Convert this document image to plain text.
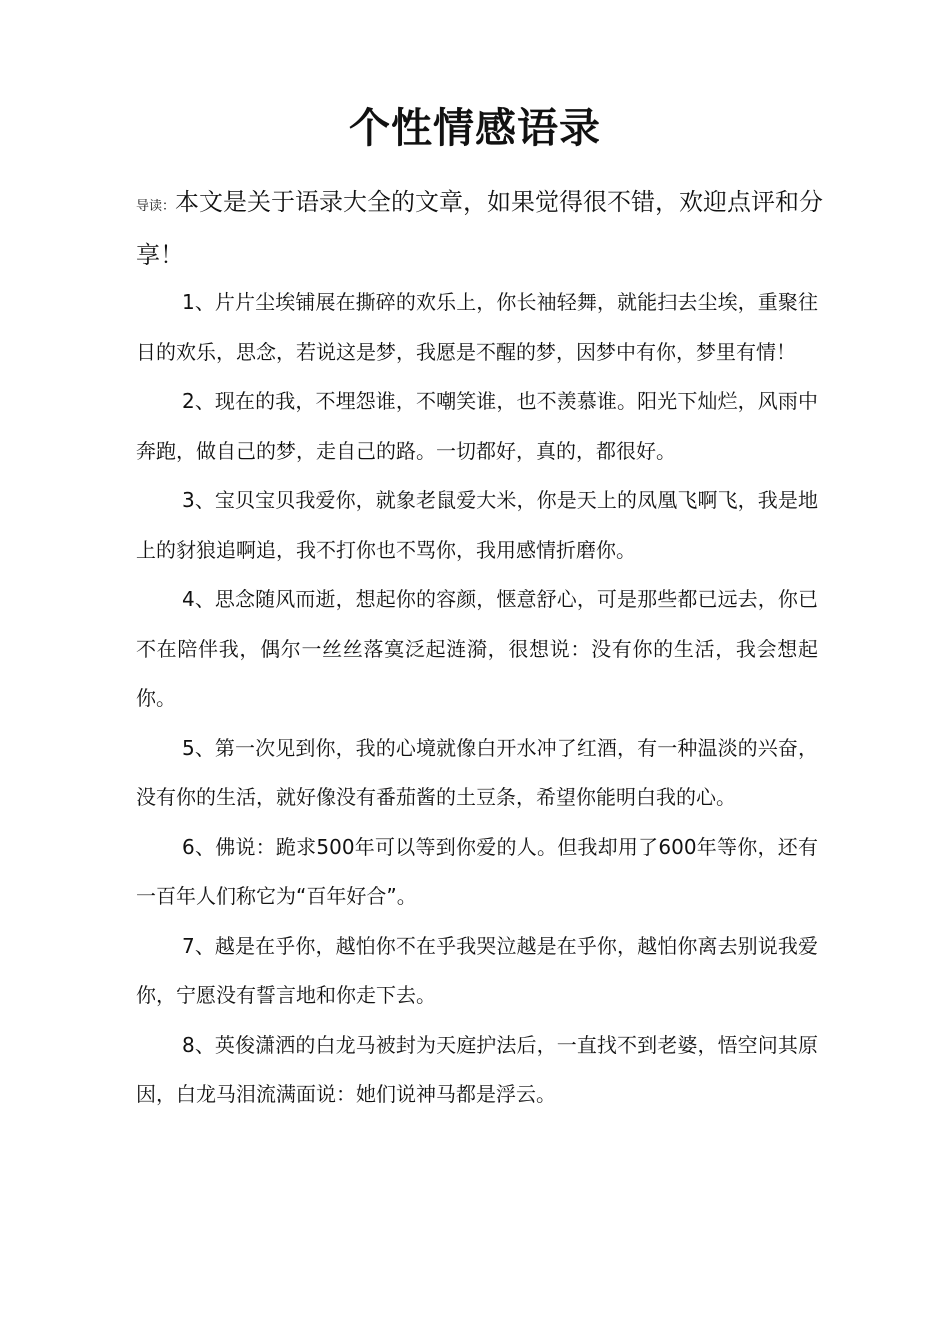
个性情感语录

导读：本文是关于语录大全的文章，如果觉得很不错，欢迎点评和分享！

1、片片尘埃铺展在撕碎的欢乐上，你长袖轻舞，就能扫去尘埃，重聚往日的欢乐，思念，若说这是梦，我愿是不醒的梦，因梦中有你，梦里有情！

2、现在的我，不埋怨谁，不嘲笑谁，也不羡慕谁。阳光下灿烂，风雨中奔跑，做自己的梦，走自己的路。一切都好，真的，都很好。

3、宝贝宝贝我爱你，就象老鼠爱大米，你是天上的凤凰飞啊飞，我是地上的豺狼追啊追，我不打你也不骂你，我用感情折磨你。

4、思念随风而逝，想起你的容颜，惬意舒心，可是那些都已远去，你已不在陪伴我，偶尔一丝丝落寞泛起涟漪，很想说：没有你的生活，我会想起你。

5、第一次见到你，我的心境就像白开水冲了红酒，有一种温淡的兴奋，没有你的生活，就好像没有番茄酱的土豆条，希望你能明白我的心。

6、佛说：跪求500年可以等到你爱的人。但我却用了600年等你，还有一百年人们称它为“百年好合”。

7、越是在乎你，越怕你不在乎我哭泣越是在乎你，越怕你离去别说我爱你，宁愿没有誓言地和你走下去。

8、英俊潇洒的白龙马被封为天庭护法后，一直找不到老婆，悟空问其原因，白龙马泪流满面说：她们说神马都是浮云。
